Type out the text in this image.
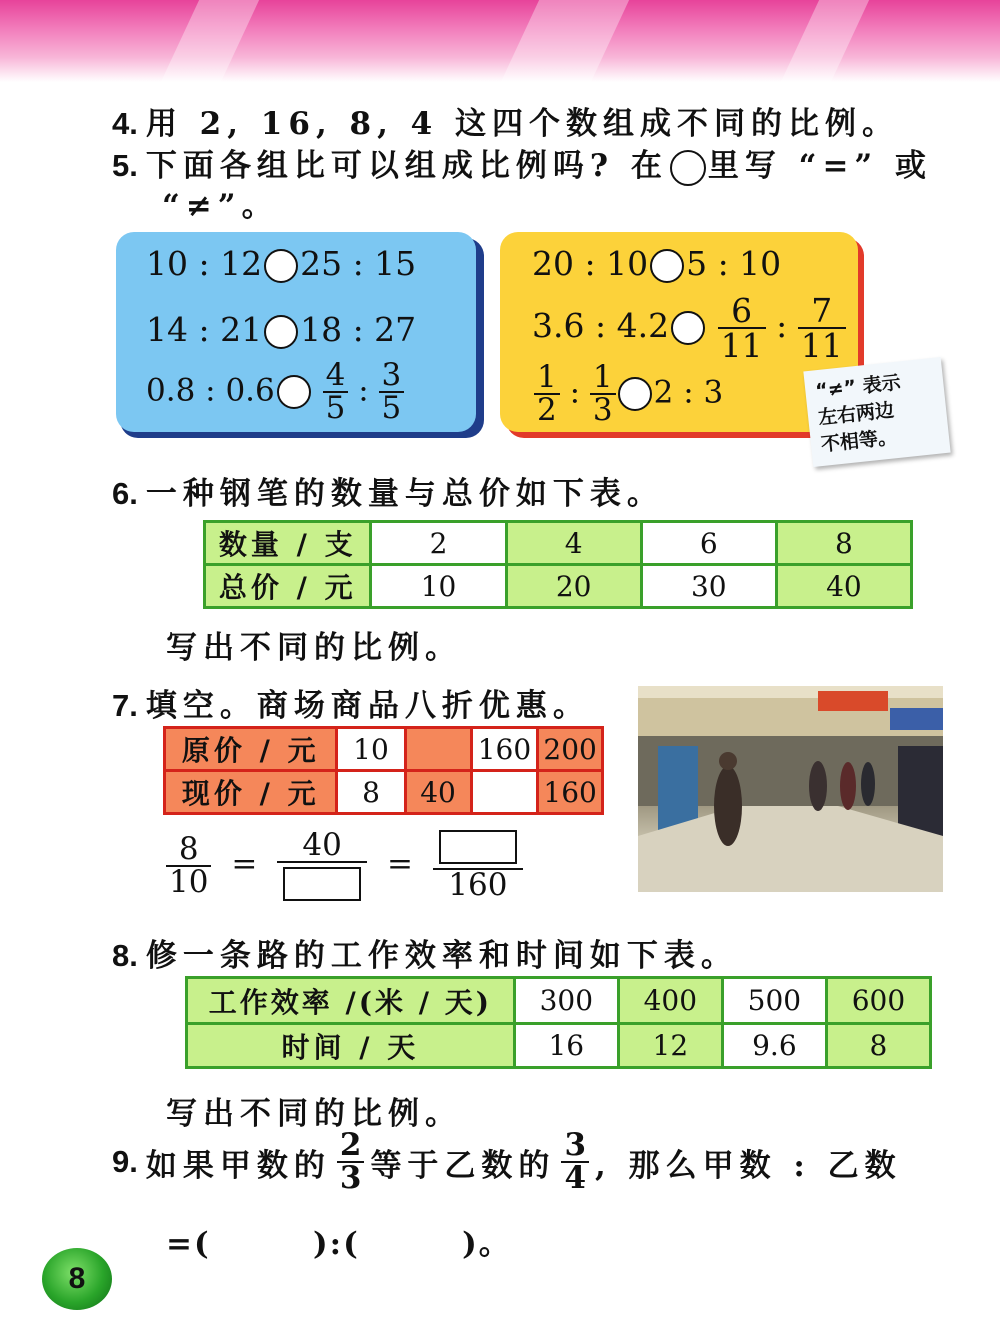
4. 用 2, 16, 8, 4 这四个数组成不同的比例。
5. 下面各组比可以组成比例吗? 在 里写 “=” 或
“≠”。
10 : 12 25 : 15
14 : 21 18 : 27
0.8 : $0.6 \frac{4}{5}$ : $\frac{3}{5}$
20 : 10 5 : 10
3.6 : $4.2 \frac{6}{11}$ : $\frac{7}{11}$
$\frac{1}{2}$ : $\frac{1}{3} 2$ : 3	“≠” 表示
左右两边
不相等。
6. 一种钢笔的数量与总价如下表。
数量 / 支	2	4	6	8
总价 / 元	10	20	30	40
写出不同的比例。
7. 填空。商场商品八折优惠。
原价 / 元	10		160	200
现价 / 元	8	40		160
$\frac{8}{10}$ =
40
=
160
8. 修一条路的工作效率和时间如下表。
工作效率 /(米 / 天)	300	400	500	600
时间 / 天	16	12	9.6	8
写出不同的比例。
9. 如果甲数的 $\frac{2}{3}$ 等于乙数的 $\frac{3}{4}$ , 那么甲数 : 乙数
=(        ):(        )。
8
